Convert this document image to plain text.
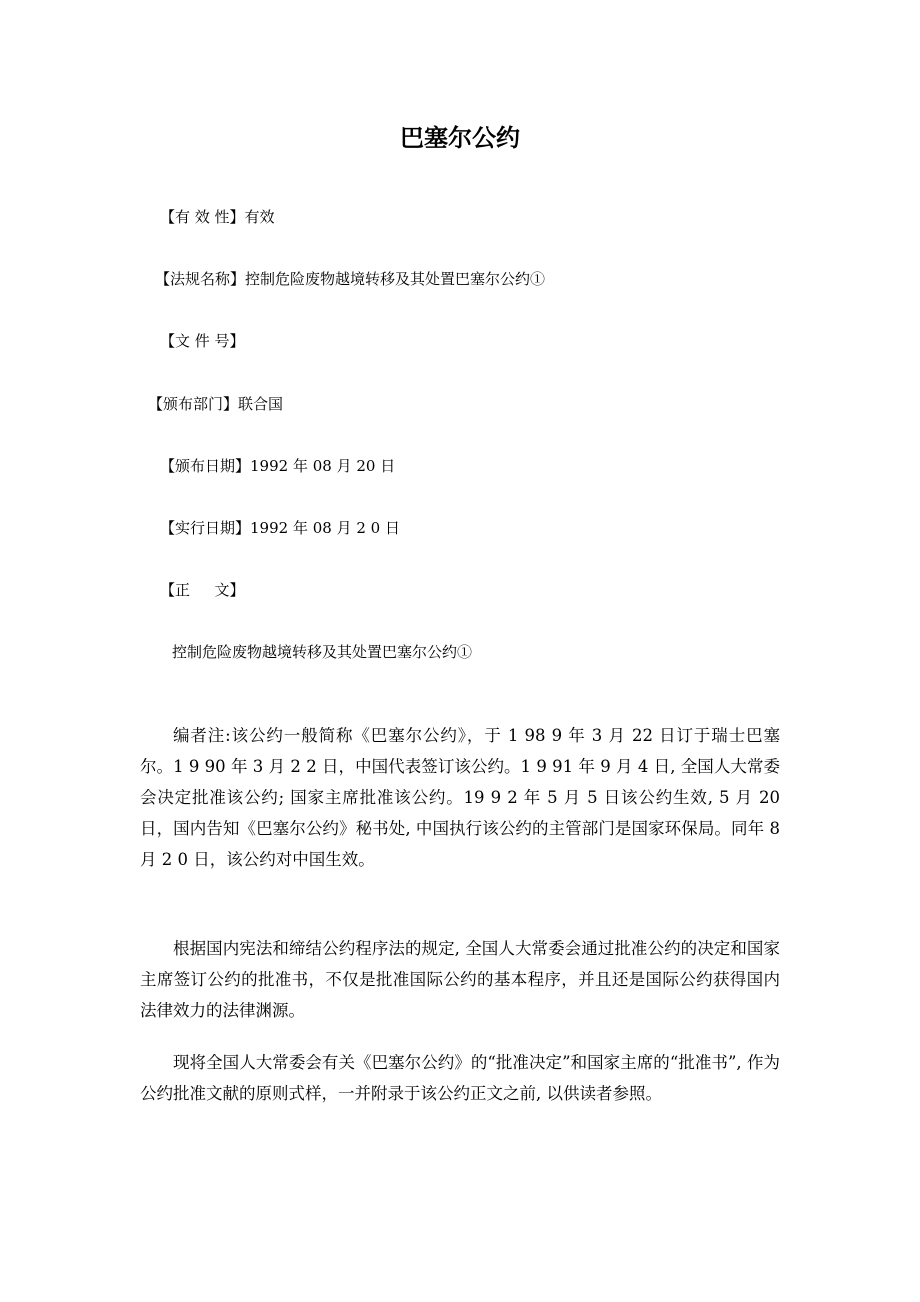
巴塞尔公约
【有 效 性】有效
【法规名称】控制危险废物越境转移及其处置巴塞尔公约①
【文 件 号】
【颁布部门】联合国
【颁布日期】1992 年 08 月 20 日
【实行日期】1992 年 08 月 2 0 日
【正 　 文】
控制危险废物越境转移及其处置巴塞尔公约①
编者注:该公约一般简称《巴塞尔公约》，于 1 98 9 年 3 月 22 日订于瑞士巴塞尔。1 9 90 年 3 月 2 2 日，中国代表签订该公约。1 9 91 年 9 月 4 日, 全国人大常委会决定批准该公约; 国家主席批准该公约。19 9 2 年 5 月 5 日该公约生效, 5 月 20 日，国内告知《巴塞尔公约》秘书处, 中国执行该公约的主管部门是国家环保局。同年 8 月 2 0 日，该公约对中国生效。
根据国内宪法和缔结公约程序法的规定, 全国人大常委会通过批准公约的决定和国家主席签订公约的批准书，不仅是批准国际公约的基本程序，并且还是国际公约获得国内法律效力的法律渊源。
现将全国人大常委会有关《巴塞尔公约》的“批准决定”和国家主席的“批准书”, 作为公约批准文献的原则式样，一并附录于该公约正文之前, 以供读者参照。
